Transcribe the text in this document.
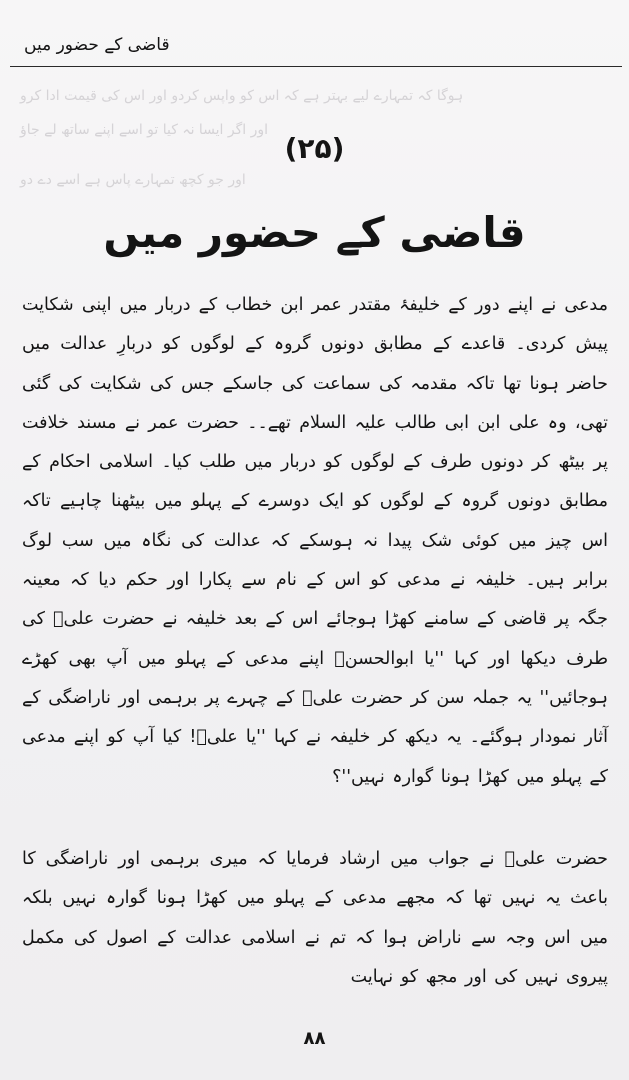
قاضی کے حضور میں
ہوگا کہ تمہارے لیے بہتر ہے کہ اس کو واپس کردو اور اس کی قیمت ادا کرو
اور اگر ایسا نہ کیا تو اسے اپنے ساتھ لے جاؤ
اور جو کچھ تمہارے پاس ہے اسے دے دو
(۲۵)
قاضی کے حضور میں
مدعی نے اپنے دور کے خلیفۂ مقتدر عمر ابن خطاب کے دربار میں اپنی شکایت پیش کردی۔ قاعدے کے مطابق دونوں گروہ کے لوگوں کو دربارِ عدالت میں حاضر ہونا تھا تاکہ مقدمہ کی سماعت کی جاسکے جس کی شکایت کی گئی تھی، وہ علی ابن ابی طالب علیہ السلام تھے۔۔ حضرت عمر نے مسند خلافت پر بیٹھ کر دونوں طرف کے لوگوں کو دربار میں طلب کیا۔ اسلامی احکام کے مطابق دونوں گروہ کے لوگوں کو ایک دوسرے کے پہلو میں بیٹھنا چاہیے تاکہ اس چیز میں کوئی شک پیدا نہ ہوسکے کہ عدالت کی نگاہ میں سب لوگ برابر ہیں۔ خلیفہ نے مدعی کو اس کے نام سے پکارا اور حکم دیا کہ معینہ جگہ پر قاضی کے سامنے کھڑا ہوجائے اس کے بعد خلیفہ نے حضرت علیؑ کی طرف دیکھا اور کہا ''یا ابوالحسنؑ اپنے مدعی کے پہلو میں آپ بھی کھڑے ہوجائیں'' یہ جملہ سن کر حضرت علیؑ کے چہرے پر برہمی اور ناراضگی کے آثار نمودار ہوگئے۔ یہ دیکھ کر خلیفہ نے کہا ''یا علیؑ! کیا آپ کو اپنے مدعی کے پہلو میں کھڑا ہونا گوارہ نہیں''؟
حضرت علیؑ نے جواب میں ارشاد فرمایا کہ میری برہمی اور ناراضگی کا باعث یہ نہیں تھا کہ مجھے مدعی کے پہلو میں کھڑا ہونا گوارہ نہیں بلکہ میں اس وجہ سے ناراض ہوا کہ تم نے اسلامی عدالت کے اصول کی مکمل پیروی نہیں کی اور مجھ کو نہایت
۸۸
